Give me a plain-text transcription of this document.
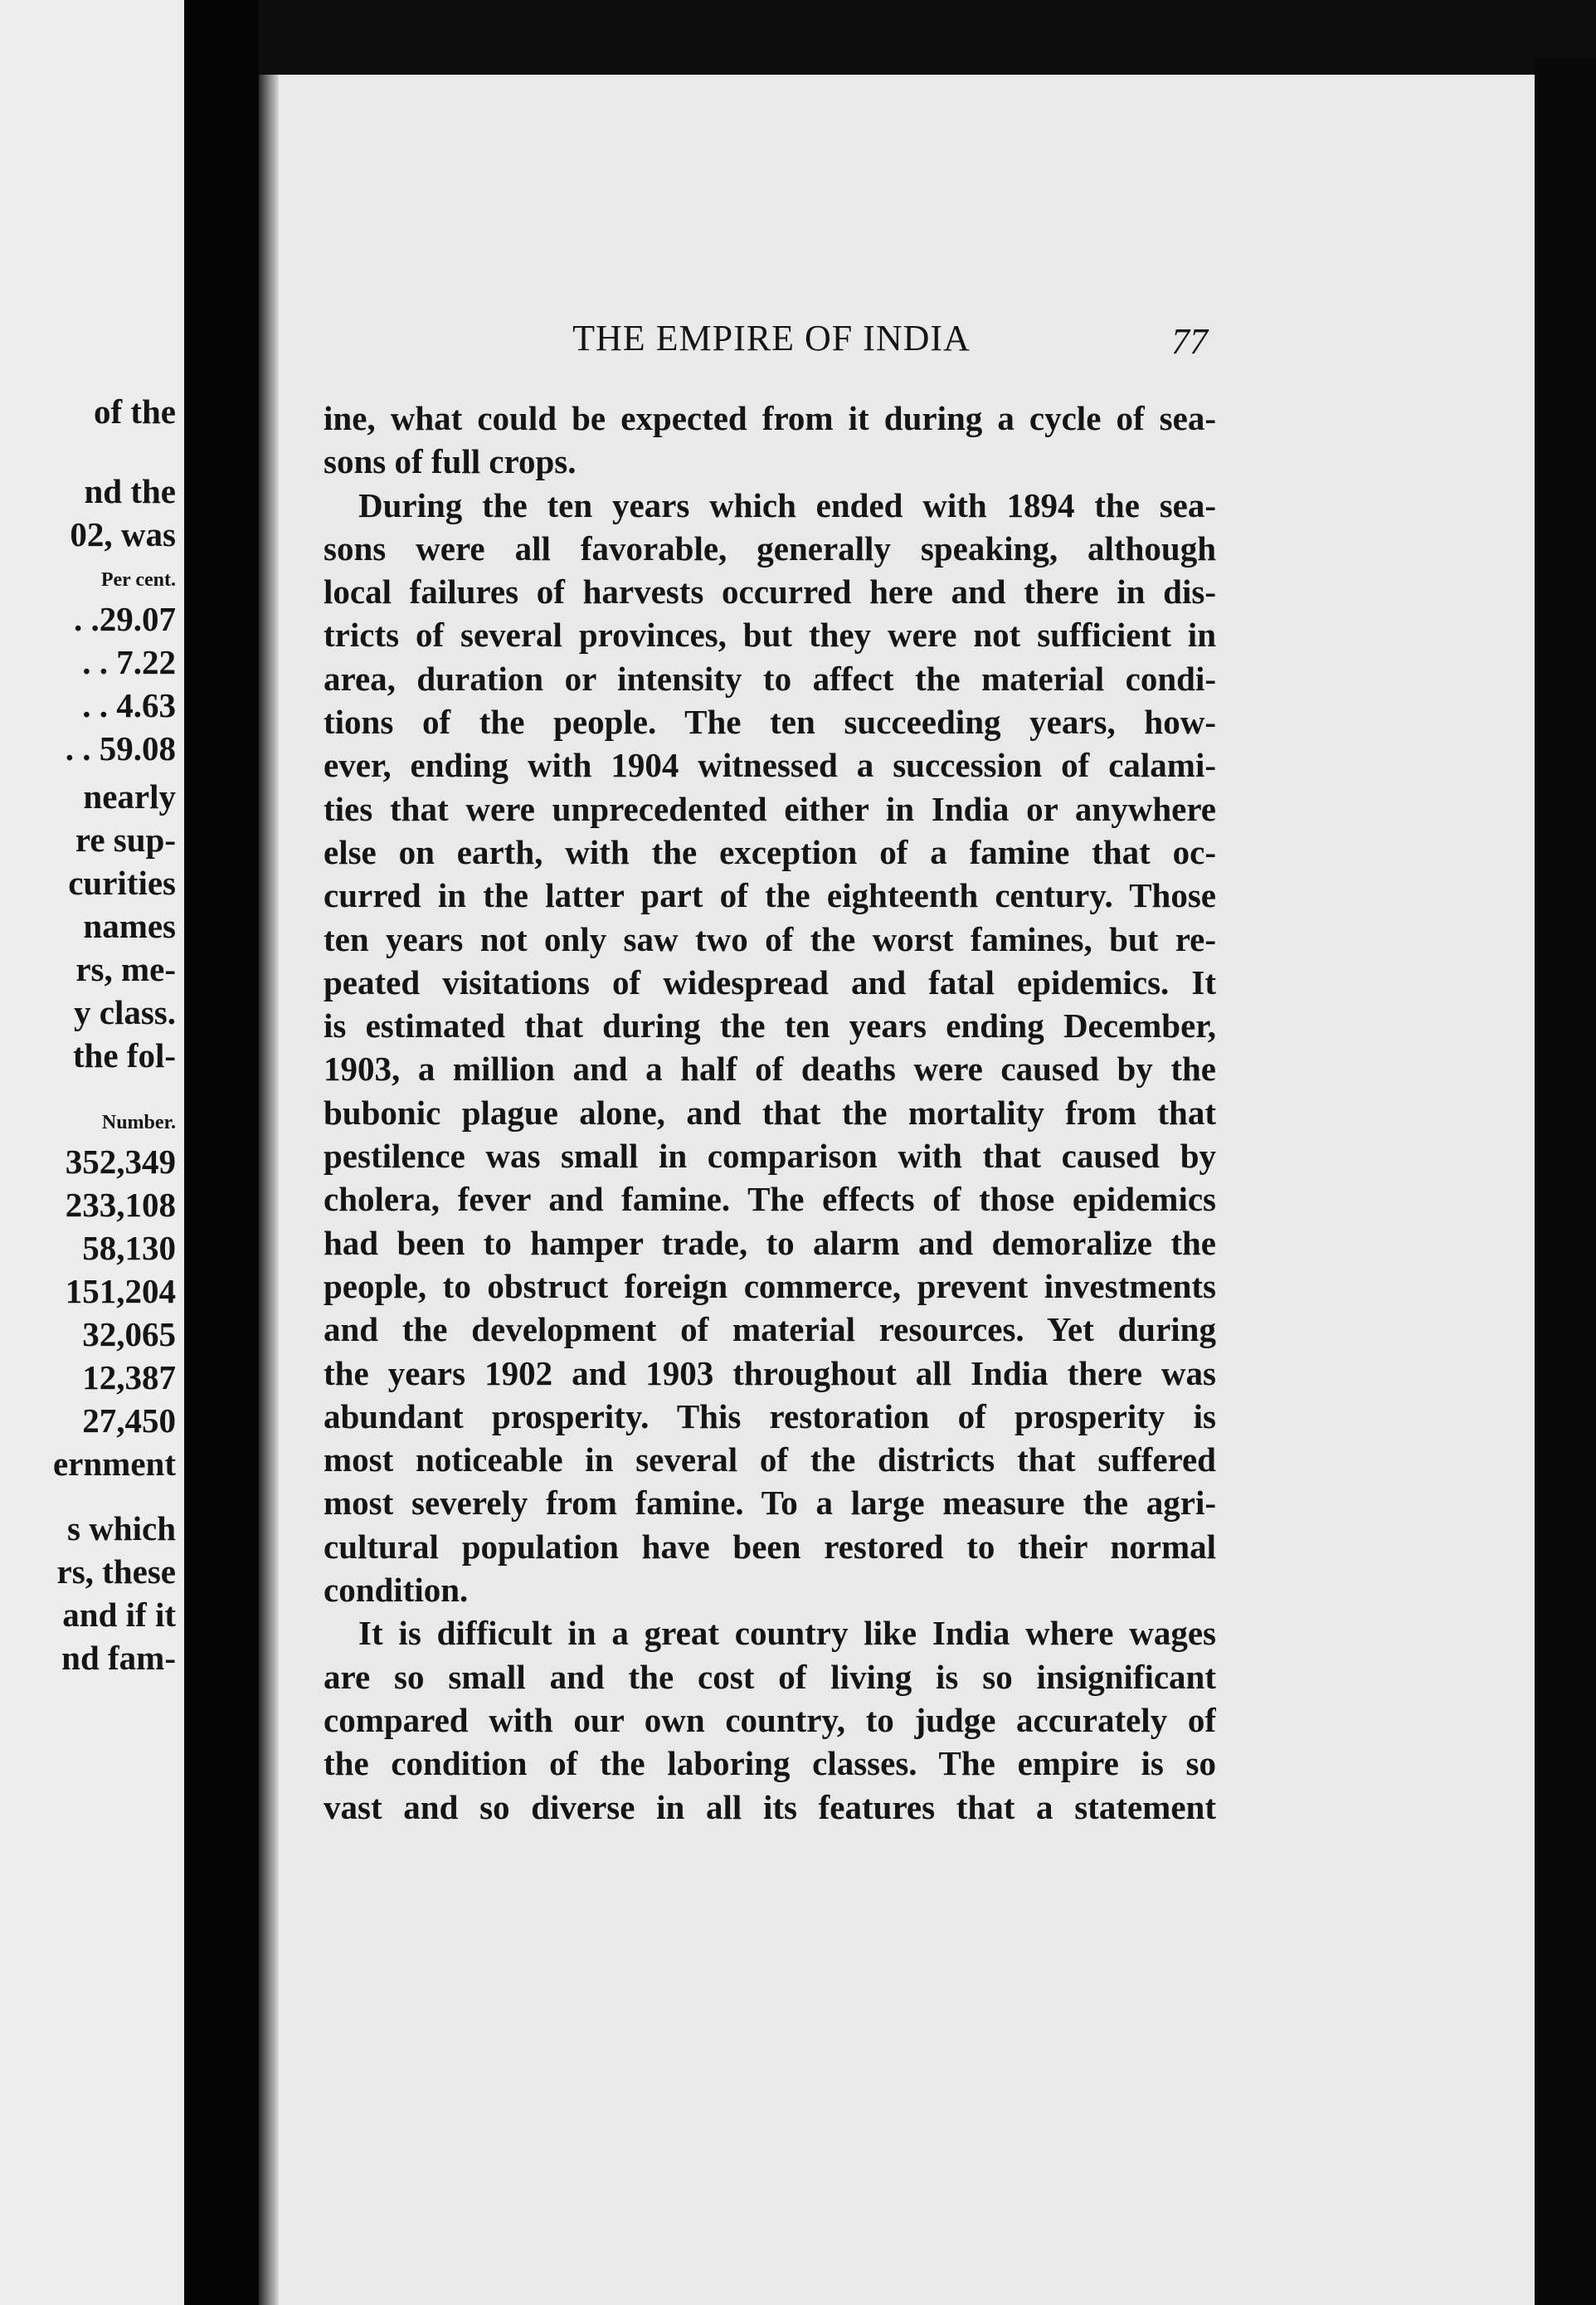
of the
nd the
02, was
Per cent.
. .29.07
. . 7.22
. . 4.63
. . 59.08
nearly
re sup-
curities
names
rs, me-
y class.
the fol-
Number.
352,349
233,108
58,130
151,204
32,065
12,387
27,450
ernment
s which
rs, these
and if it
nd fam-
THE EMPIRE OF INDIA	77
ine, what could be expected from it during a cycle of sea-
sons of full crops.
During the ten years which ended with 1894 the sea-
sons were all favorable, generally speaking, although
local failures of harvests occurred here and there in dis-
tricts of several provinces, but they were not sufficient in
area, duration or intensity to affect the material condi-
tions of the people. The ten succeeding years, how-
ever, ending with 1904 witnessed a succession of calami-
ties that were unprecedented either in India or anywhere
else on earth, with the exception of a famine that oc-
curred in the latter part of the eighteenth century. Those
ten years not only saw two of the worst famines, but re-
peated visitations of widespread and fatal epidemics. It
is estimated that during the ten years ending December,
1903, a million and a half of deaths were caused by the
bubonic plague alone, and that the mortality from that
pestilence was small in comparison with that caused by
cholera, fever and famine. The effects of those epidemics
had been to hamper trade, to alarm and demoralize the
people, to obstruct foreign commerce, prevent investments
and the development of material resources. Yet during
the years 1902 and 1903 throughout all India there was
abundant prosperity. This restoration of prosperity is
most noticeable in several of the districts that suffered
most severely from famine. To a large measure the agri-
cultural population have been restored to their normal
condition.
It is difficult in a great country like India where wages
are so small and the cost of living is so insignificant
compared with our own country, to judge accurately of
the condition of the laboring classes. The empire is so
vast and so diverse in all its features that a statement
